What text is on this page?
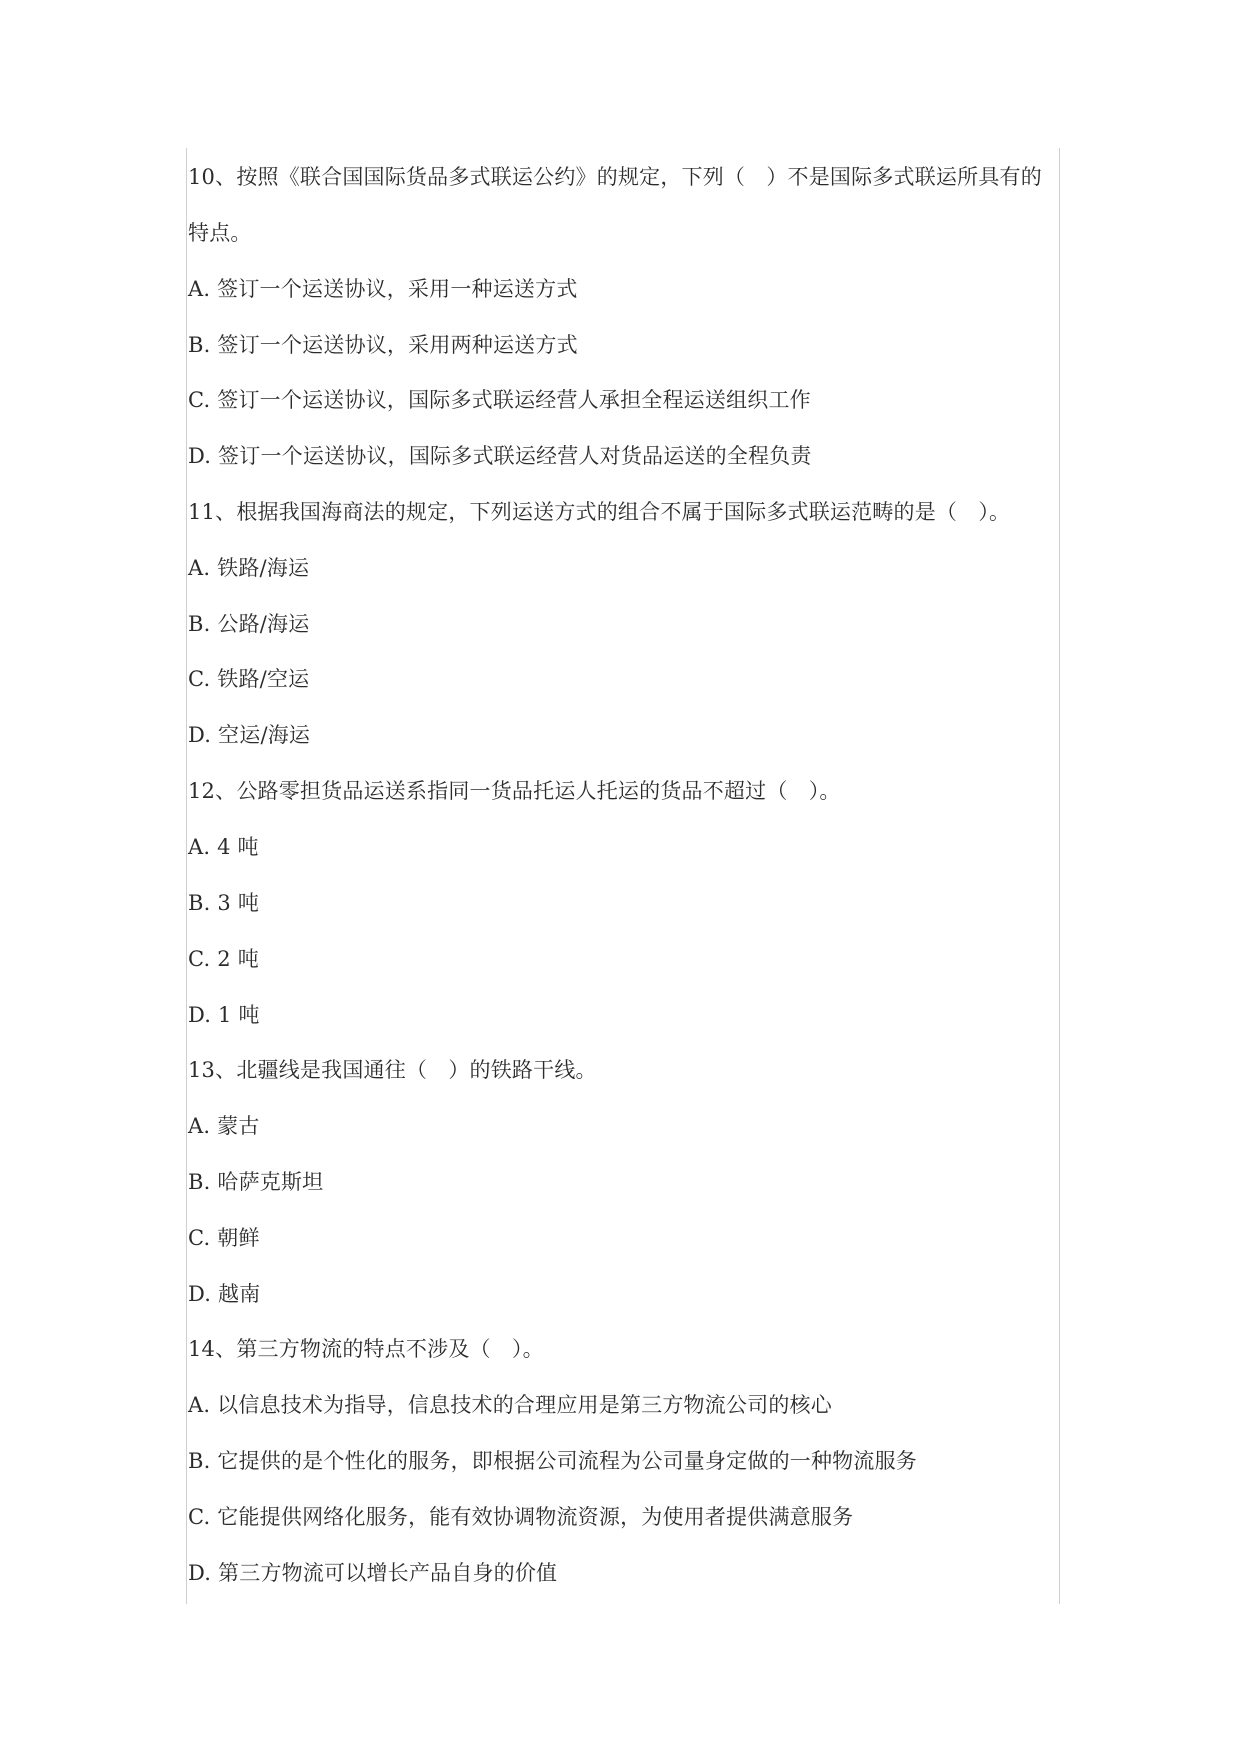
10、按照《联合国国际货品多式联运公约》的规定，下列（　）不是国际多式联运所具有的
特点。
A. 签订一个运送协议，采用一种运送方式
B. 签订一个运送协议，采用两种运送方式
C. 签订一个运送协议，国际多式联运经营人承担全程运送组织工作
D. 签订一个运送协议，国际多式联运经营人对货品运送的全程负责
11、根据我国海商法的规定，下列运送方式的组合不属于国际多式联运范畴的是（　）。
A. 铁路/海运
B. 公路/海运
C. 铁路/空运
D. 空运/海运
12、公路零担货品运送系指同一货品托运人托运的货品不超过（　）。
A. 4 吨
B. 3 吨
C. 2 吨
D. 1 吨
13、北疆线是我国通往（　）的铁路干线。
A. 蒙古
B. 哈萨克斯坦
C. 朝鲜
D. 越南
14、第三方物流的特点不涉及（　）。
A. 以信息技术为指导，信息技术的合理应用是第三方物流公司的核心
B. 它提供的是个性化的服务，即根据公司流程为公司量身定做的一种物流服务
C. 它能提供网络化服务，能有效协调物流资源，为使用者提供满意服务
D. 第三方物流可以增长产品自身的价值
